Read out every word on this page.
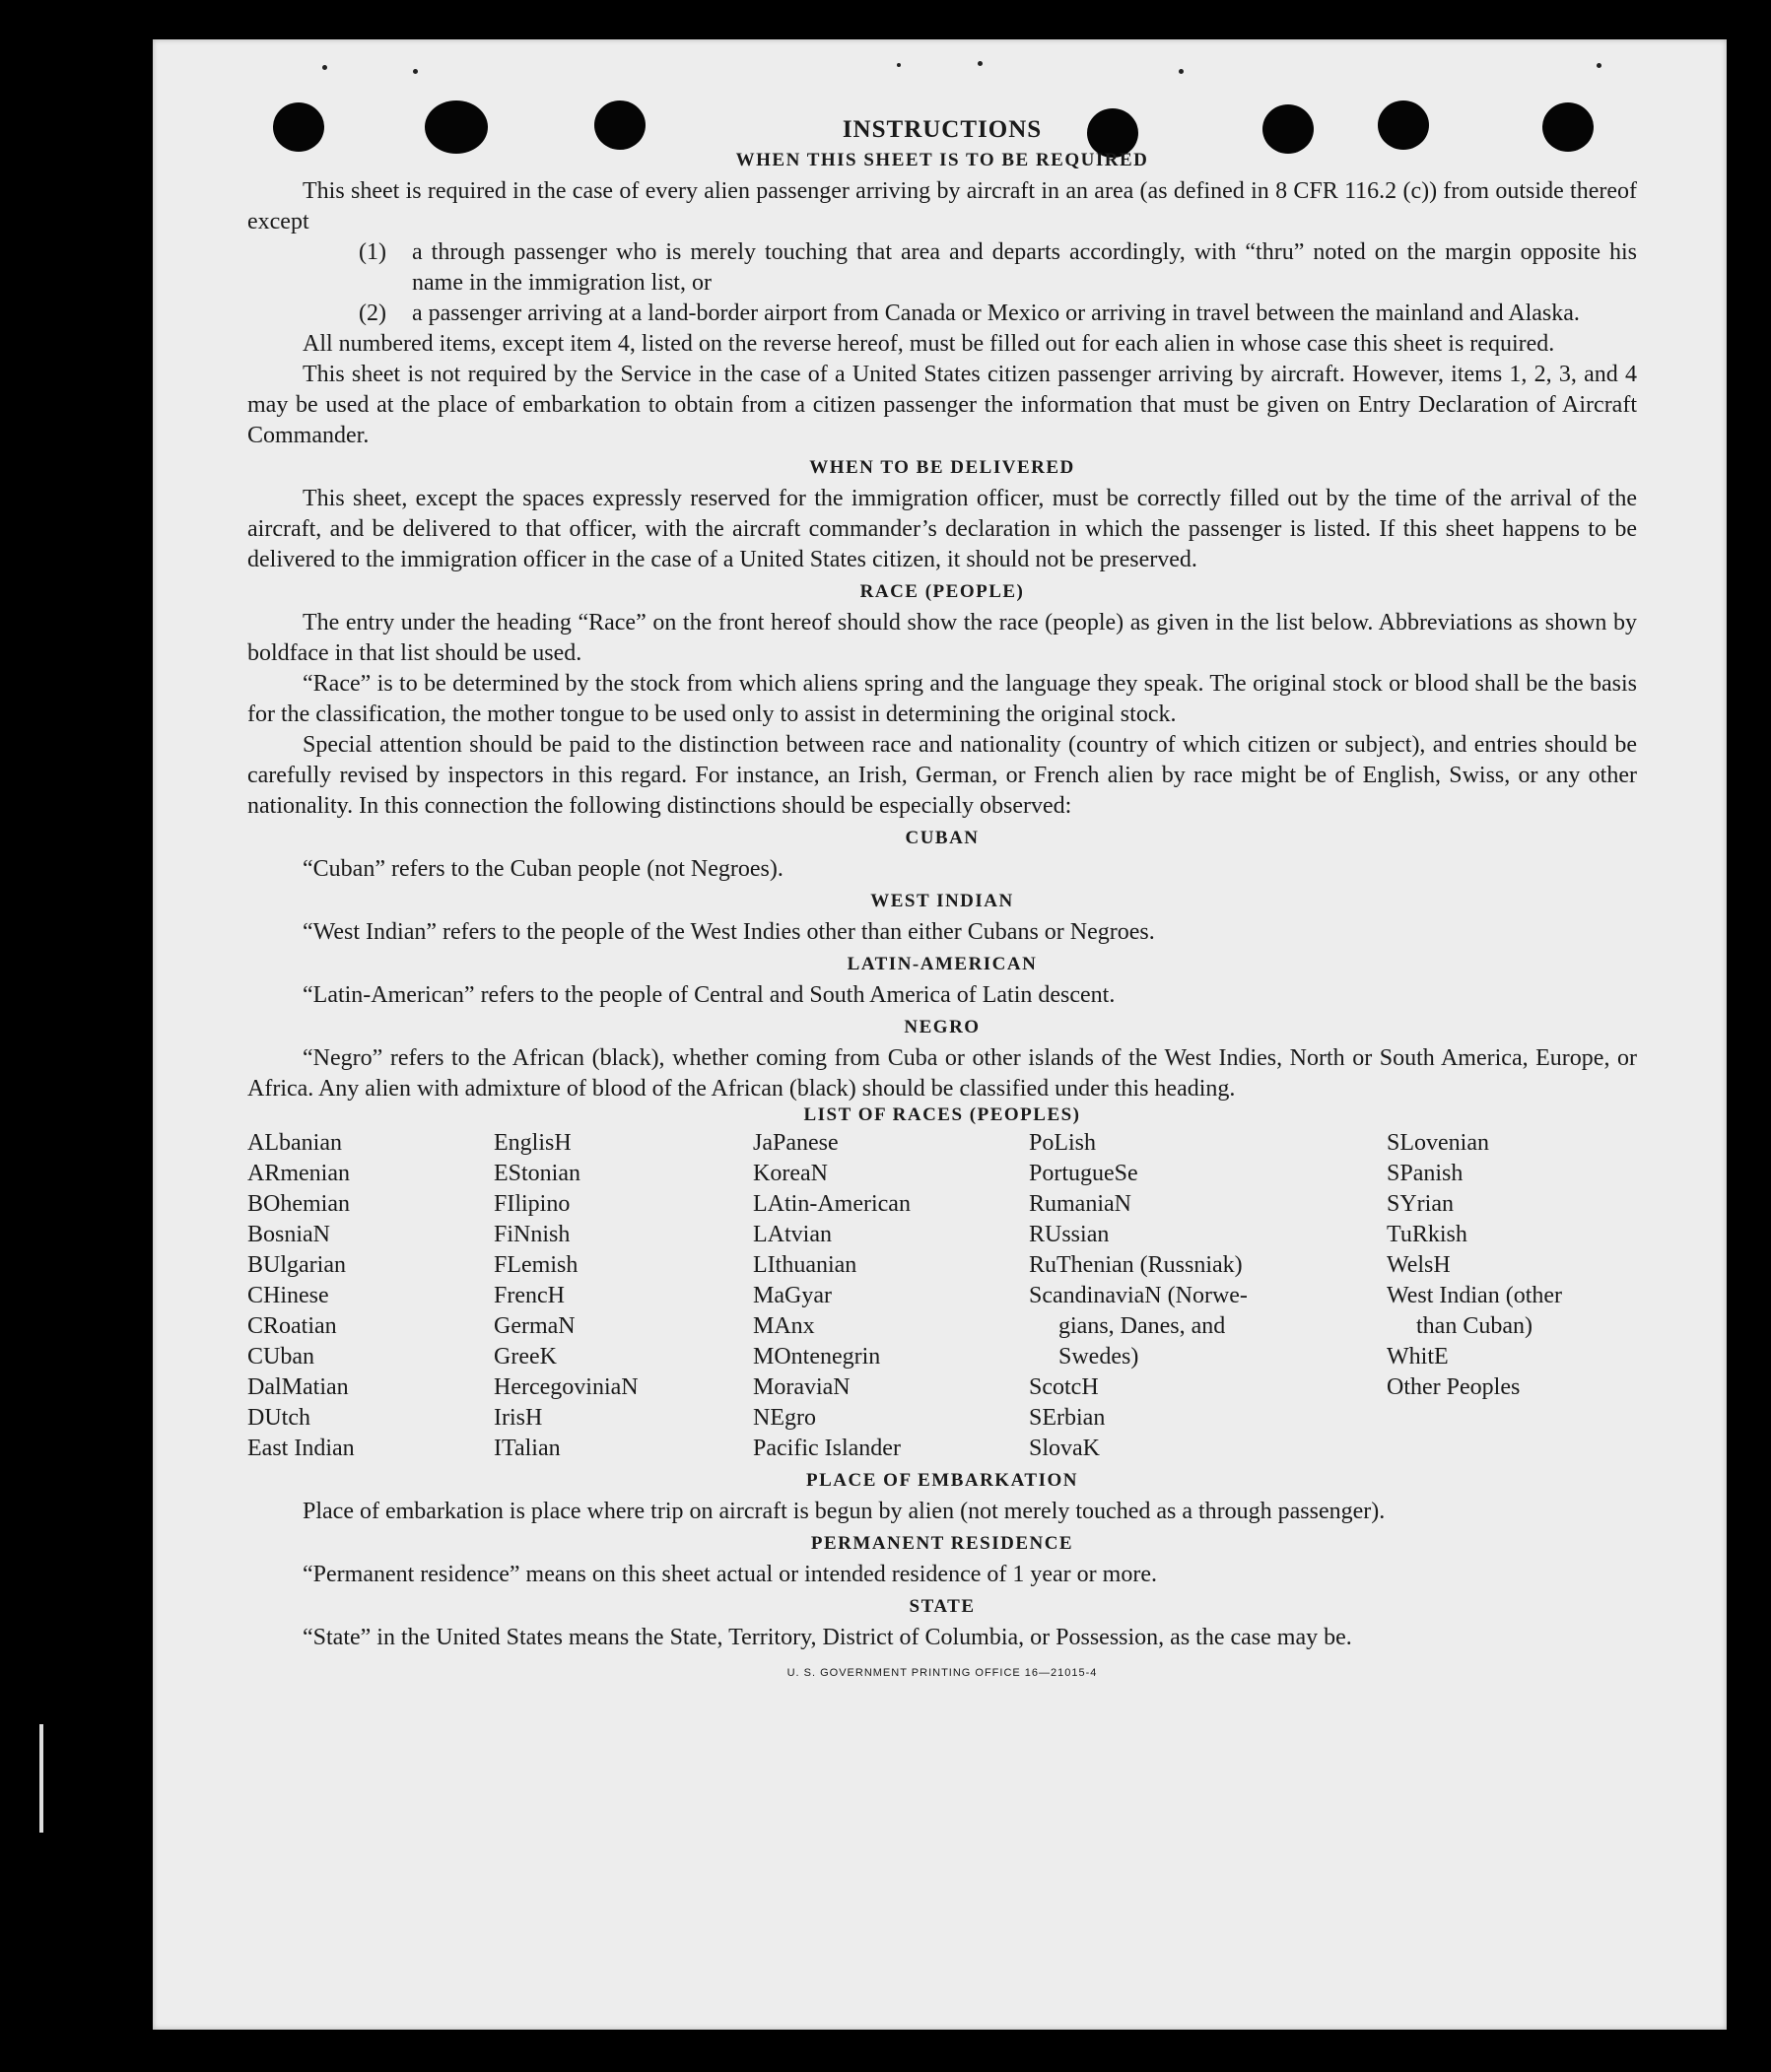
INSTRUCTIONS
WHEN THIS SHEET IS TO BE REQUIRED

This sheet is required in the case of every alien passenger arriving by aircraft in an area (as defined in 8 CFR 116.2 (c)) from outside thereof except

(1)	a through passenger who is merely touching that area and departs accordingly, with “thru” noted on the margin opposite his name in the immigration list, or
(2)	a passenger arriving at a land-border airport from Canada or Mexico or arriving in travel between the mainland and Alaska.

All numbered items, except item 4, listed on the reverse hereof, must be filled out for each alien in whose case this sheet is required.

This sheet is not required by the Service in the case of a United States citizen passenger arriving by aircraft. However, items 1, 2, 3, and 4 may be used at the place of embarkation to obtain from a citizen passenger the information that must be given on Entry Declaration of Aircraft Commander.

WHEN TO BE DELIVERED

This sheet, except the spaces expressly reserved for the immigration officer, must be correctly filled out by the time of the arrival of the aircraft, and be delivered to that officer, with the aircraft commander’s declaration in which the passenger is listed. If this sheet happens to be delivered to the immigration officer in the case of a United States citizen, it should not be preserved.

RACE (PEOPLE)

The entry under the heading “Race” on the front hereof should show the race (people) as given in the list below. Abbreviations as shown by boldface in that list should be used.

“Race” is to be determined by the stock from which aliens spring and the language they speak. The original stock or blood shall be the basis for the classification, the mother tongue to be used only to assist in determining the original stock.

Special attention should be paid to the distinction between race and nationality (country of which citizen or subject), and entries should be carefully revised by inspectors in this regard. For instance, an Irish, German, or French alien by race might be of English, Swiss, or any other nationality. In this connection the following distinctions should be especially observed:

CUBAN

“Cuban” refers to the Cuban people (not Negroes).

WEST INDIAN

“West Indian” refers to the people of the West Indies other than either Cubans or Negroes.

LATIN-AMERICAN

“Latin-American” refers to the people of Central and South America of Latin descent.

NEGRO

“Negro” refers to the African (black), whether coming from Cuba or other islands of the West Indies, North or South America, Europe, or Africa. Any alien with admixture of blood of the African (black) should be classified under this heading.

LIST OF RACES (PEOPLES)
ALbanian
ARmenian
BOhemian
BosniaN
BUlgarian
CHinese
CRoatian
CUban
DalMatian
DUtch
East Indian
EnglisH
EStonian
FIlipino
FiNnish
FLemish
FrencH
GermaN
GreeK
HercegoviniaN
IrisH
ITalian
JaPanese
KoreaN
LAtin-American
LAtvian
LIthuanian
MaGyar
MAnx
MOntenegrin
MoraviaN
NEgro
Pacific Islander
PoLish
PortugueSe
RumaniaN
RUssian
RuThenian (Russniak)
ScandinaviaN (Norwe-
gians, Danes, and
Swedes)
ScotcH
SErbian
SlovaK
SLovenian
SPanish
SYrian
TuRkish
WelsH
West Indian (other
than Cuban)
WhitE
Other Peoples
PLACE OF EMBARKATION

Place of embarkation is place where trip on aircraft is begun by alien (not merely touched as a through passenger).

PERMANENT RESIDENCE

“Permanent residence” means on this sheet actual or intended residence of 1 year or more.

STATE

“State” in the United States means the State, Territory, District of Columbia, or Possession, as the case may be.

U. S. GOVERNMENT PRINTING OFFICE 16—21015-4
